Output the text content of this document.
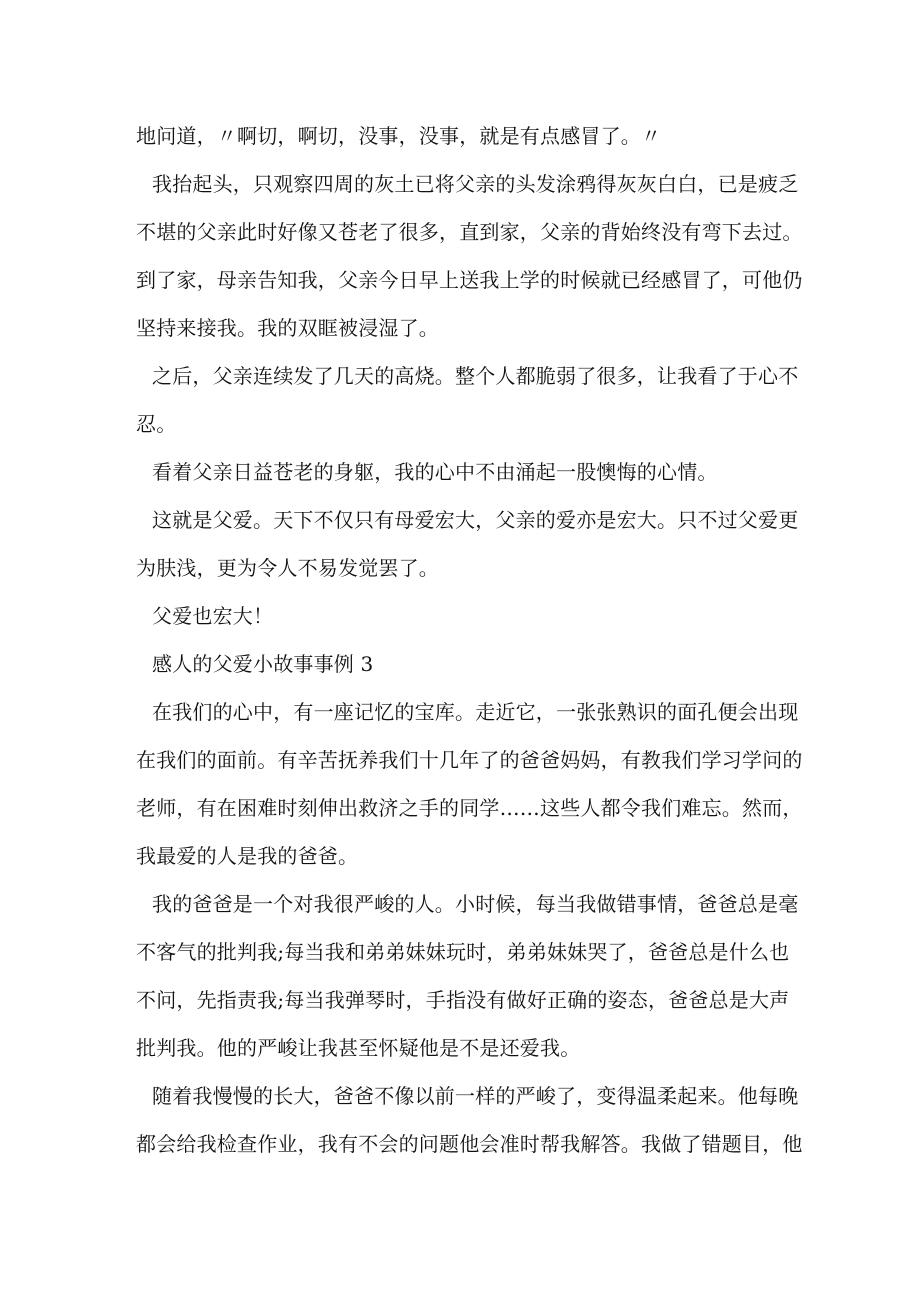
地问道，〃啊切，啊切，没事，没事，就是有点感冒了。〃
我抬起头，只观察四周的灰土已将父亲的头发涂鸦得灰灰白白，已是疲乏
不堪的父亲此时好像又苍老了很多，直到家，父亲的背始终没有弯下去过。
到了家，母亲告知我，父亲今日早上送我上学的时候就已经感冒了，可他仍
坚持来接我。我的双眶被浸湿了。
之后，父亲连续发了几天的高烧。整个人都脆弱了很多，让我看了于心不
忍。
看着父亲日益苍老的身躯，我的心中不由涌起一股懊悔的心情。
这就是父爱。天下不仅只有母爱宏大，父亲的爱亦是宏大。只不过父爱更
为肤浅，更为令人不易发觉罢了。
父爱也宏大！
感人的父爱小故事事例 3
在我们的心中，有一座记忆的宝库。走近它，一张张熟识的面孔便会出现
在我们的面前。有辛苦抚养我们十几年了的爸爸妈妈，有教我们学习学问的
老师，有在困难时刻伸出救济之手的同学……这些人都令我们难忘。然而，
我最爱的人是我的爸爸。
我的爸爸是一个对我很严峻的人。小时候，每当我做错事情，爸爸总是毫
不客气的批判我;每当我和弟弟妹妹玩时，弟弟妹妹哭了，爸爸总是什么也
不问，先指责我;每当我弹琴时，手指没有做好正确的姿态，爸爸总是大声
批判我。他的严峻让我甚至怀疑他是不是还爱我。
随着我慢慢的长大，爸爸不像以前一样的严峻了，变得温柔起来。他每晚
都会给我检查作业，我有不会的问题他会准时帮我解答。我做了错题目，他
